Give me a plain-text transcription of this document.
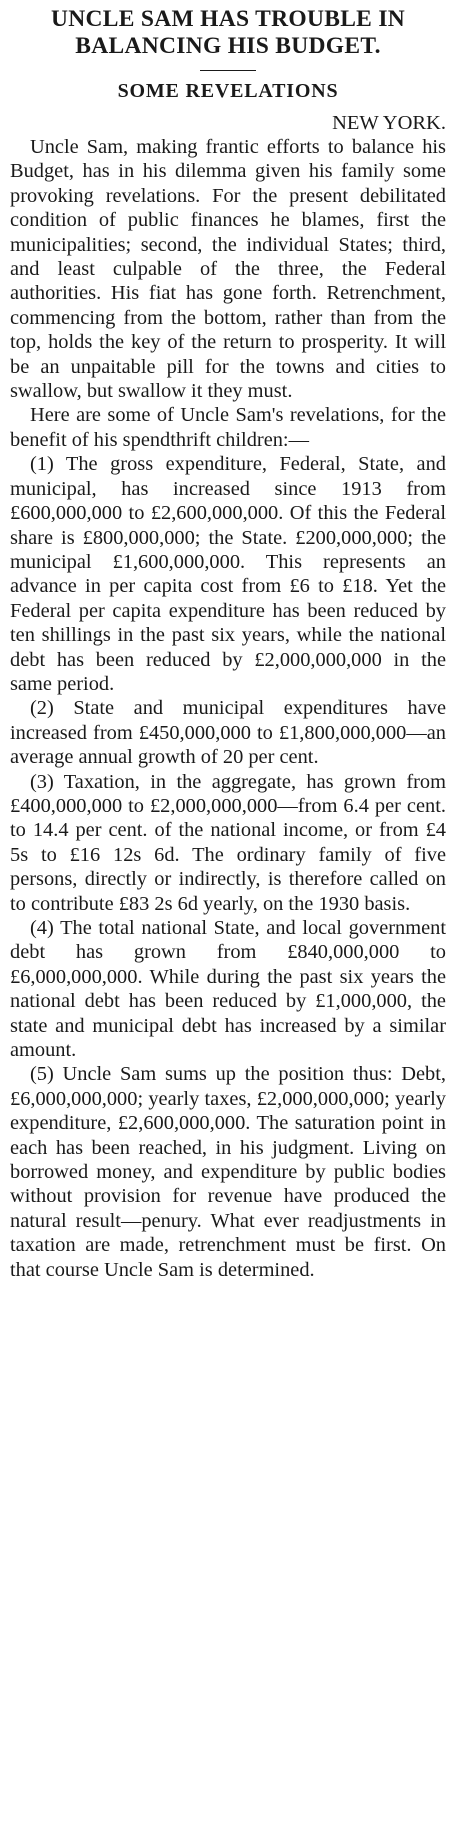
UNCLE SAM HAS TROUBLE IN BALANCING HIS BUDGET.
SOME REVELATIONS

NEW YORK.

Uncle Sam, making frantic efforts to balance his Budget, has in his dilemma given his family some provoking revelations. For the present debilitated condition of public finances he blames, first the municipalities; second, the individual States; third, and least culpable of the three, the Federal authorities. His fiat has gone forth. Retrenchment, commencing from the bottom, rather than from the top, holds the key of the return to prosperity. It will be an unpaitable pill for the towns and cities to swallow, but swallow it they must.

Here are some of Uncle Sam's revelations, for the benefit of his spendthrift children:—

(1) The gross expenditure, Federal, State, and municipal, has increased since 1913 from £600,000,000 to £2,600,000,000. Of this the Federal share is £800,000,000; the State. £200,000,000; the municipal £1,600,000,000. This represents an advance in per capita cost from £6 to £18. Yet the Federal per capita expenditure has been reduced by ten shillings in the past six years, while the national debt has been reduced by £2,000,000,000 in the same period.

(2) State and municipal expenditures have increased from £450,000,000 to £1,800,000,000—an average annual growth of 20 per cent.

(3) Taxation, in the aggregate, has grown from £400,000,000 to £2,000,000,000—from 6.4 per cent. to 14.4 per cent. of the national income, or from £4 5s to £16 12s 6d. The ordinary family of five persons, directly or indirectly, is therefore called on to contribute £83 2s 6d yearly, on the 1930 basis.

(4) The total national State, and local government debt has grown from £840,000,000 to £6,000,000,000. While during the past six years the national debt has been reduced by £1,000,000, the state and municipal debt has increased by a similar amount.

(5) Uncle Sam sums up the position thus: Debt, £6,000,000,000; yearly taxes, £2,000,000,000; yearly expenditure, £2,600,000,000. The saturation point in each has been reached, in his judgment. Living on borrowed money, and expenditure by public bodies without provision for revenue have produced the natural result—penury. What ever readjustments in taxation are made, retrenchment must be first. On that course Uncle Sam is determined.
